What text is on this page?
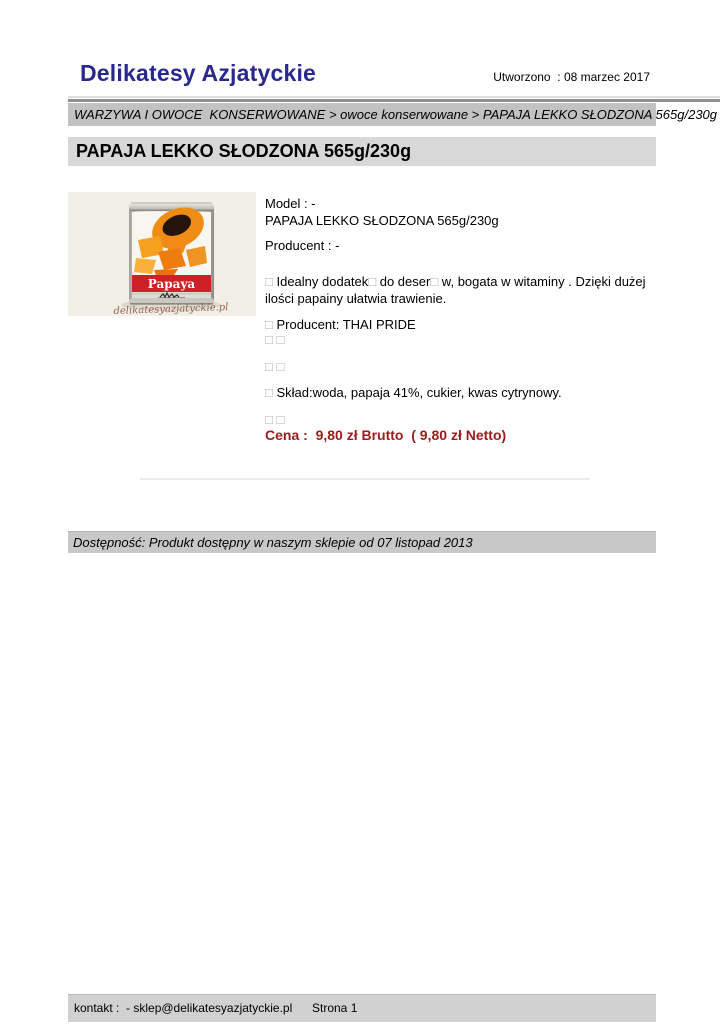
Delikatesy Azjatyckie	Utworzono  : 08 marzec 2017
WARZYWA I OWOCE  KONSERWOWANE > owoce konserwowane > PAPAJA LEKKO SŁODZONA 565g/230g
PAPAJA LEKKO SŁODZONA 565g/230g
Papaya
delikatesyazjatyckie.pl
Model : -
PAPAJA LEKKO SŁODZONA 565g/230g
Producent : -
□ Idealny dodatek□ do deser□ w, bogata w witaminy . Dzięki dużej ilości papainy ułatwia trawienie.
□ Producent: THAI PRIDE
□ □
□ □
□ Skład:woda, papaja 41%, cukier, kwas cytrynowy.
□ □
Cena :  9,80 zł Brutto  ( 9,80 zł Netto)
Dostępność: Produkt dostępny w naszym sklepie od 07 listopad 2013
kontakt :  - sklep@delikatesyazjatyckie.pl Strona 1
